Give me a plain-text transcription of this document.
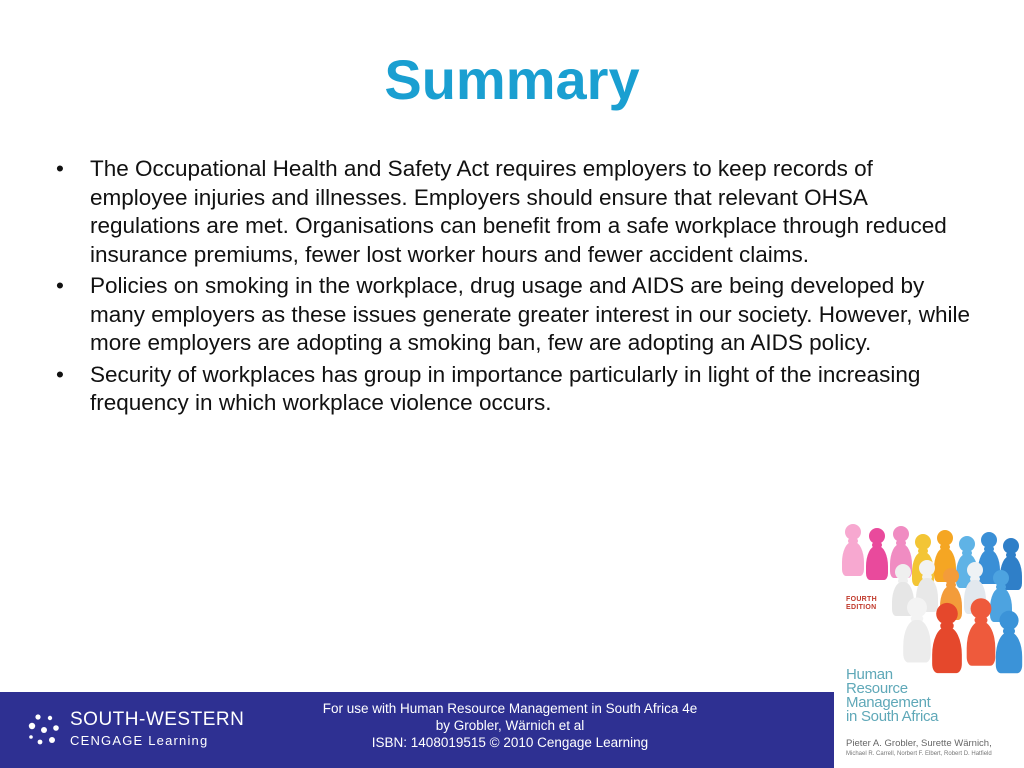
Summary
• The Occupational Health and Safety Act requires employers to keep records of employee injuries and illnesses. Employers should ensure that relevant OHSA regulations are met. Organisations can benefit from a safe workplace through reduced insurance premiums, fewer lost worker hours and fewer accident claims.
• Policies on smoking in the workplace, drug usage and AIDS are being developed by many employers as these issues generate greater interest in our society. However, while more employers are adopting a smoking ban, few are adopting an AIDS policy.
• Security of workplaces has group in importance particularly in light of the increasing frequency in which workplace violence occurs.
FOURTH EDITION
Human
Resource
Management
in South Africa
Pieter A. Grobler, Surette Wärnich,
Michael R. Carrell, Norbert F. Elbert, Robert D. Hatfield
SOUTH-WESTERN
CENGAGE Learning
For use with Human Resource Management in South Africa 4e
by Grobler, Wärnich et al
ISBN: 1408019515 © 2010 Cengage Learning
